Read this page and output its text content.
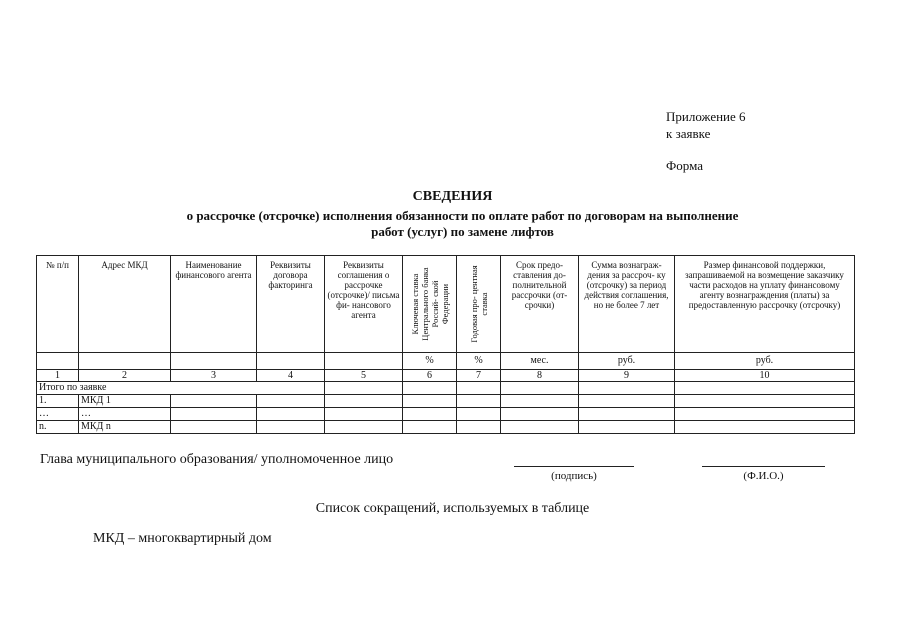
Приложение 6
к заявке
Форма
СВЕДЕНИЯ
о рассрочке (отсрочке) исполнения обязанности по оплате работ по договорам на выполнение
работ (услуг) по замене лифтов
№ п/п	Адрес МКД	Наименование финансового агента	Реквизиты договора факторинга	Реквизиты соглашения о рассрочке (отсрочке)/ письма фи- нансового агента	Ключевая ставка Центрального банка Россий- ской Федерации	Годовая про- центная ставка	Срок предо- ставления до- полнительной рассрочки (от- срочки)	Сумма вознаграж- дения за рассроч- ку (отсрочку) за период действия соглашения, но не более 7 лет	Размер финансовой поддержки, запрашиваемой на возмещение заказчику части расходов на уплату финансовому агенту вознаграждения (платы) за предоставленную рассрочку (отсрочку)
					%	%	мес.	руб.	руб.
1	2	3	4	5	6	7	8	9	10
Итого по заявке									
1.	МКД 1								
…	…								
n.	МКД n								
Глава муниципального образования/ уполномоченное лицо
(подпись)	(Ф.И.О.)
Список сокращений, используемых в таблице
МКД – многоквартирный дом
